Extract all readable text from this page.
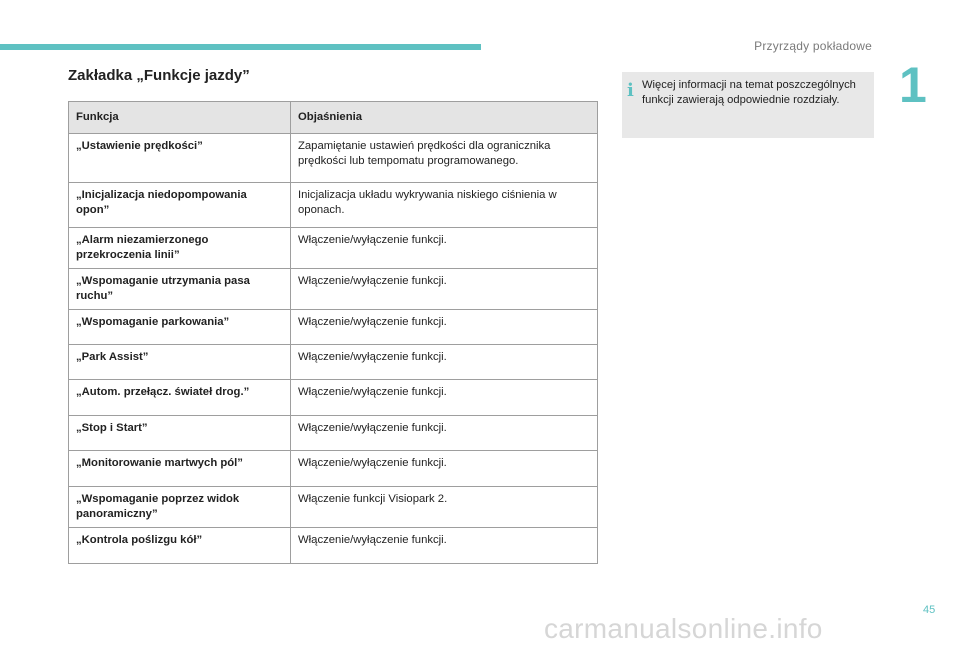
Przyrządy pokładowe
1
Zakładka „Funkcje jazdy”
Funkcja	Objaśnienia
„Ustawienie prędkości”	Zapamiętanie ustawień prędkości dla ogranicznika prędkości lub tempomatu programowanego.
„Inicjalizacja niedopompowania opon”	Inicjalizacja układu wykrywania niskiego ciśnienia w oponach.
„Alarm niezamierzonego przekroczenia linii”	Włączenie/wyłączenie funkcji.
„Wspomaganie utrzymania pasa ruchu”	Włączenie/wyłączenie funkcji.
„Wspomaganie parkowania”	Włączenie/wyłączenie funkcji.
„Park Assist”	Włączenie/wyłączenie funkcji.
„Autom. przełącz. świateł drog.”	Włączenie/wyłączenie funkcji.
„Stop i Start”	Włączenie/wyłączenie funkcji.
„Monitorowanie martwych pól”	Włączenie/wyłączenie funkcji.
„Wspomaganie poprzez widok panoramiczny”	Włączenie funkcji Visiopark 2.
„Kontrola poślizgu kół”	Włączenie/wyłączenie funkcji.
i Więcej informacji na temat poszczególnych funkcji zawierają odpowiednie rozdziały.
45
carmanualsonline.info
